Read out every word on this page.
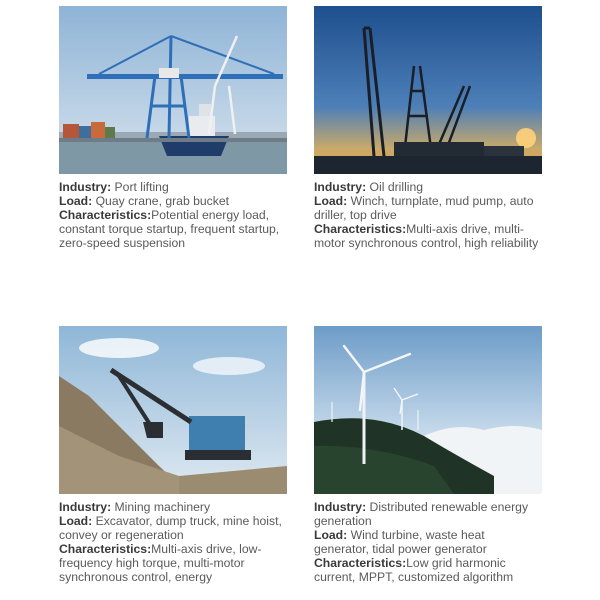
Industry: Port lifting

Load: Quay crane, grab bucket

Characteristics:Potential energy load, constant torque startup, frequent startup, zero-speed suspension

Industry: Oil drilling

Load: Winch, turnplate, mud pump, auto driller, top drive

Characteristics:Multi-axis drive, multi-motor synchronous control, high reliability

Industry: Mining machinery

Load: Excavator, dump truck, mine hoist, convey or regeneration

Characteristics:Multi-axis drive, low-frequency high torque, multi-motor synchronous control, energy

Industry: Distributed renewable energy generation

Load: Wind turbine, waste heat generator, tidal power generator

Characteristics:Low grid harmonic current, MPPT, customized algorithm
